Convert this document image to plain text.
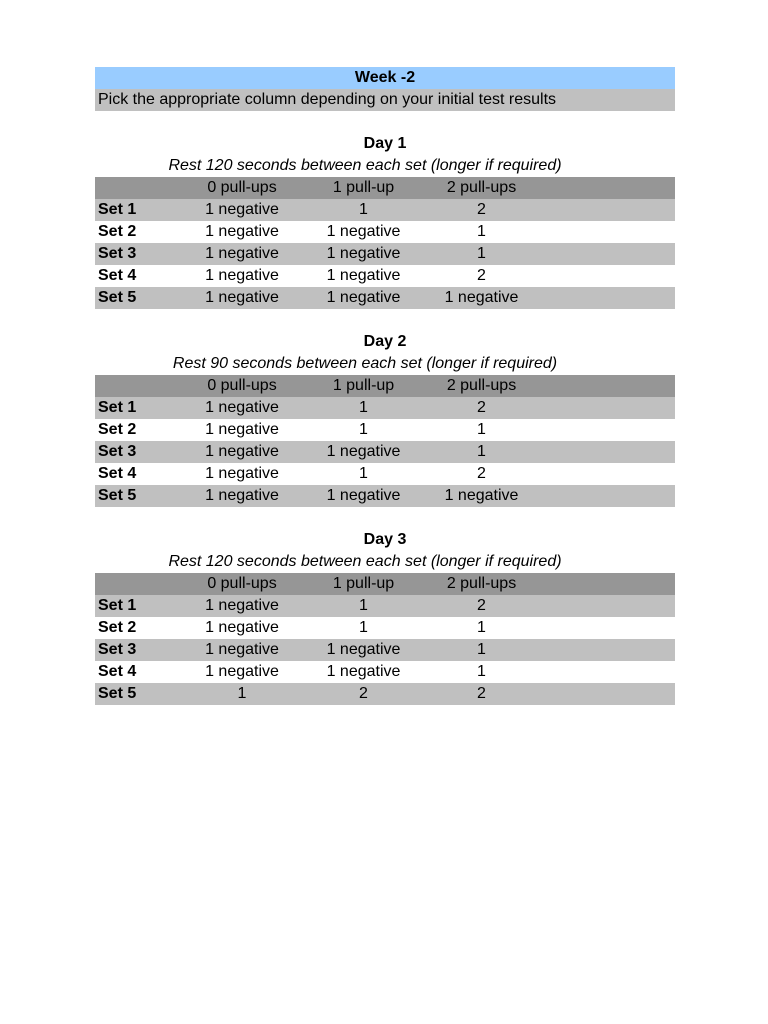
Week -2
Pick the appropriate column depending on your initial test results
Day 1
Rest 120 seconds between each set (longer if required)
0 pull-ups	1 pull-up	2 pull-ups
Set 1	1 negative	1	2
Set 2	1 negative	1 negative	1
Set 3	1 negative	1 negative	1
Set 4	1 negative	1 negative	2
Set 5	1 negative	1 negative	1 negative
Day 2
Rest 90 seconds between each set (longer if required)
0 pull-ups	1 pull-up	2 pull-ups
Set 1	1 negative	1	2
Set 2	1 negative	1	1
Set 3	1 negative	1 negative	1
Set 4	1 negative	1	2
Set 5	1 negative	1 negative	1 negative
Day 3
Rest 120 seconds between each set (longer if required)
0 pull-ups	1 pull-up	2 pull-ups
Set 1	1 negative	1	2
Set 2	1 negative	1	1
Set 3	1 negative	1 negative	1
Set 4	1 negative	1 negative	1
Set 5	1	2	2
